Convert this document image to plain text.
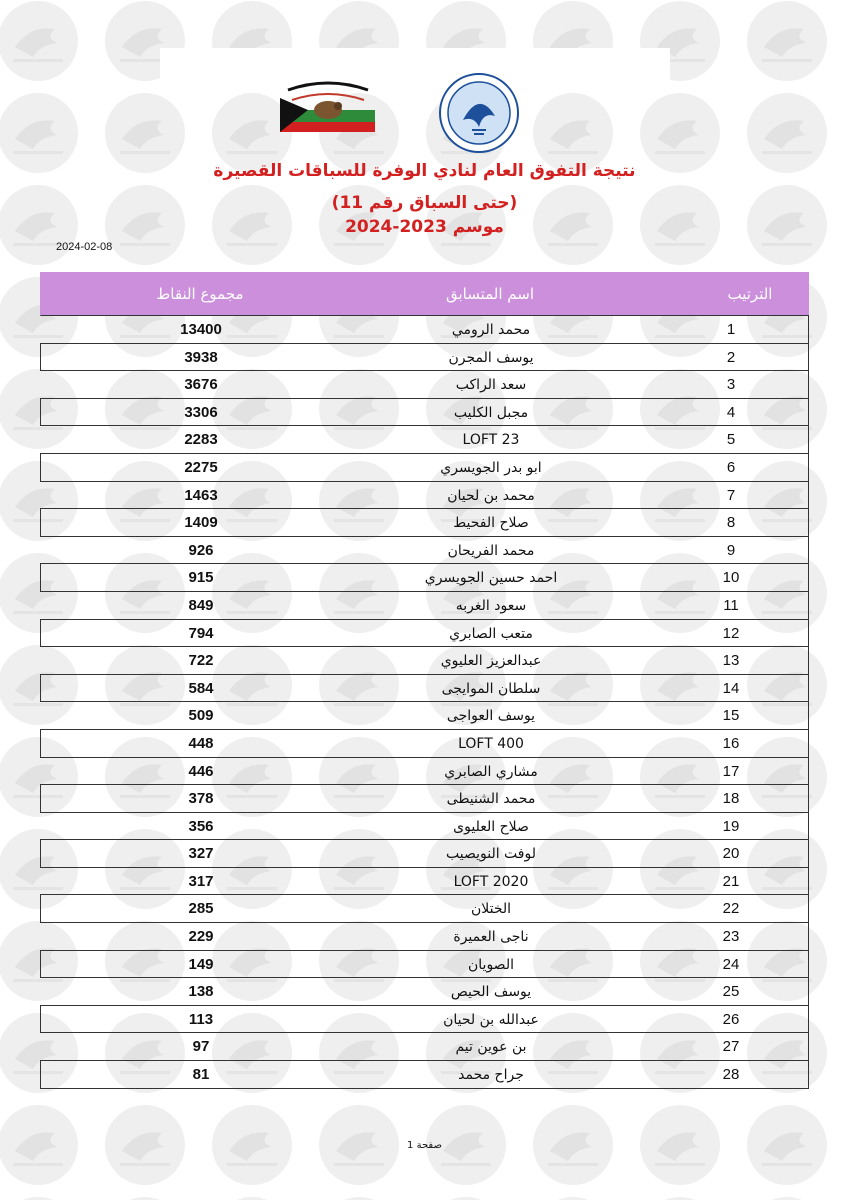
نتيجة التفوق العام لنادي الوفرة للسباقات القصيرة
(حتى السباق رقم 11)
موسم 2023-2024
2024-02-08
الترتيب
اسم المتسابق
مجموع النقاط
1
محمد الرومي
13400
2
يوسف المجرن
3938
3
سعد الراكب
3676
4
مجبل الكليب
3306
5
LOFT 23
2283
6
ابو بدر الجويسري
2275
7
محمد بن لحيان
1463
8
صلاح الفحيط
1409
9
محمد الفريحان
926
10
احمد حسين الجويسري
915
11
سعود الغربه
849
12
متعب الصابري
794
13
عبدالعزيز العليوي
722
14
سلطان الموايجى
584
15
يوسف العواجى
509
16
LOFT 400
448
17
مشاري الصابري
446
18
محمد الشنيطى
378
19
صلاح العليوى
356
20
لوفت النويصيب
327
21
LOFT 2020
317
22
الختلان
285
23
ناجى العميرة
229
24
الصويان
149
25
يوسف الحيص
138
26
عبدالله بن لحيان
113
27
بن عوين تيم
97
28
جراح محمد
81
صفحة 1
